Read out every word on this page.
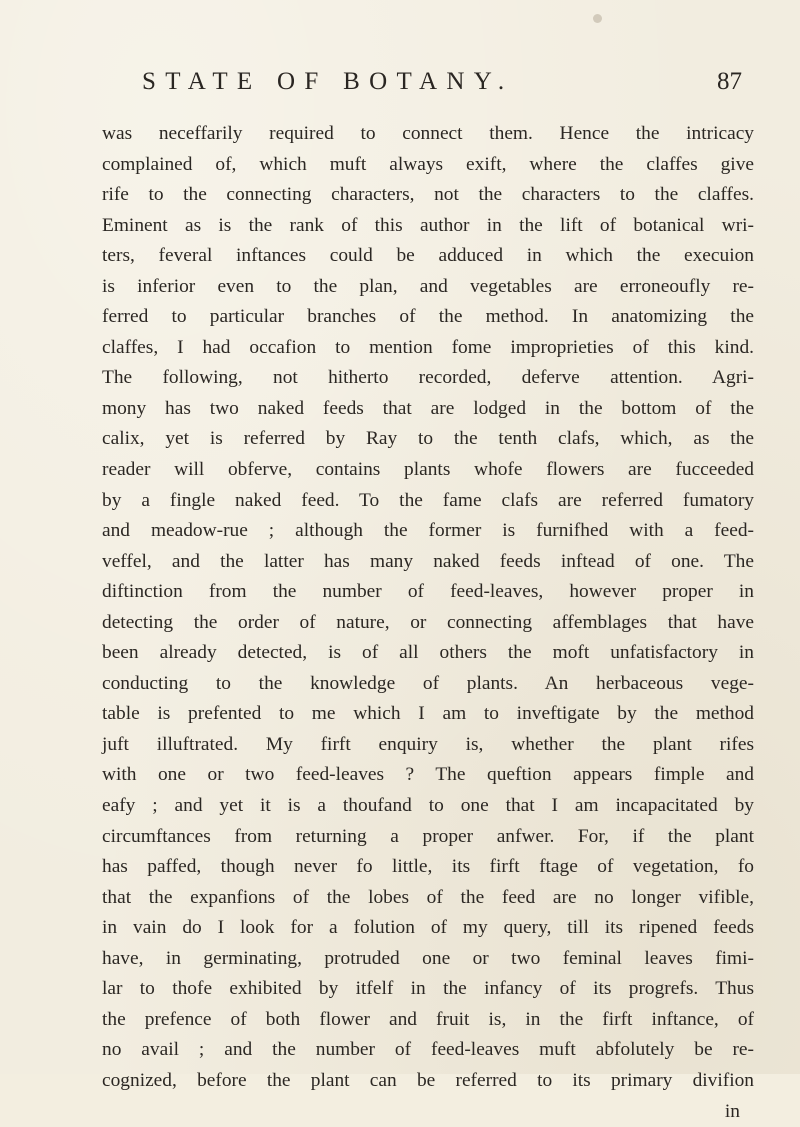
STATE OF BOTANY.	87
was neceffarily required to connect them. Hence the intricacy
complained of, which muft always exift, where the claffes give
rife to the connecting characters, not the characters to the claffes.
Eminent as is the rank of this author in the lift of botanical wri-
ters, feveral inftances could be adduced in which the execuion
is inferior even to the plan, and vegetables are erroneoufly re-
ferred to particular branches of the method. In anatomizing the
claffes, I had occafion to mention fome improprieties of this kind.
The following, not hitherto recorded, deferve attention. Agri-
mony has two naked feeds that are lodged in the bottom of the
calix, yet is referred by Ray to the tenth clafs, which, as the
reader will obferve, contains plants whofe flowers are fucceeded
by a fingle naked feed. To the fame clafs are referred fumatory
and meadow-rue ; although the former is furnifhed with a feed-
veffel, and the latter has many naked feeds inftead of one. The
diftinction from the number of feed-leaves, however proper in
detecting the order of nature, or connecting affemblages that have
been already detected, is of all others the moft unfatisfactory in
conducting to the knowledge of plants. An herbaceous vege-
table is prefented to me which I am to inveftigate by the method
juft illuftrated. My firft enquiry is, whether the plant rifes
with one or two feed-leaves ? The queftion appears fimple and
eafy ; and yet it is a thoufand to one that I am incapacitated by
circumftances from returning a proper anfwer. For, if the plant
has paffed, though never fo little, its firft ftage of vegetation, fo
that the expanfions of the lobes of the feed are no longer vifible,
in vain do I look for a folution of my query, till its ripened feeds
have, in germinating, protruded one or two feminal leaves fimi-
lar to thofe exhibited by itfelf in the infancy of its progrefs. Thus
the prefence of both flower and fruit is, in the firft inftance, of
no avail ; and the number of feed-leaves muft abfolutely be re-
cognized, before the plant can be referred to its primary divifion
in
